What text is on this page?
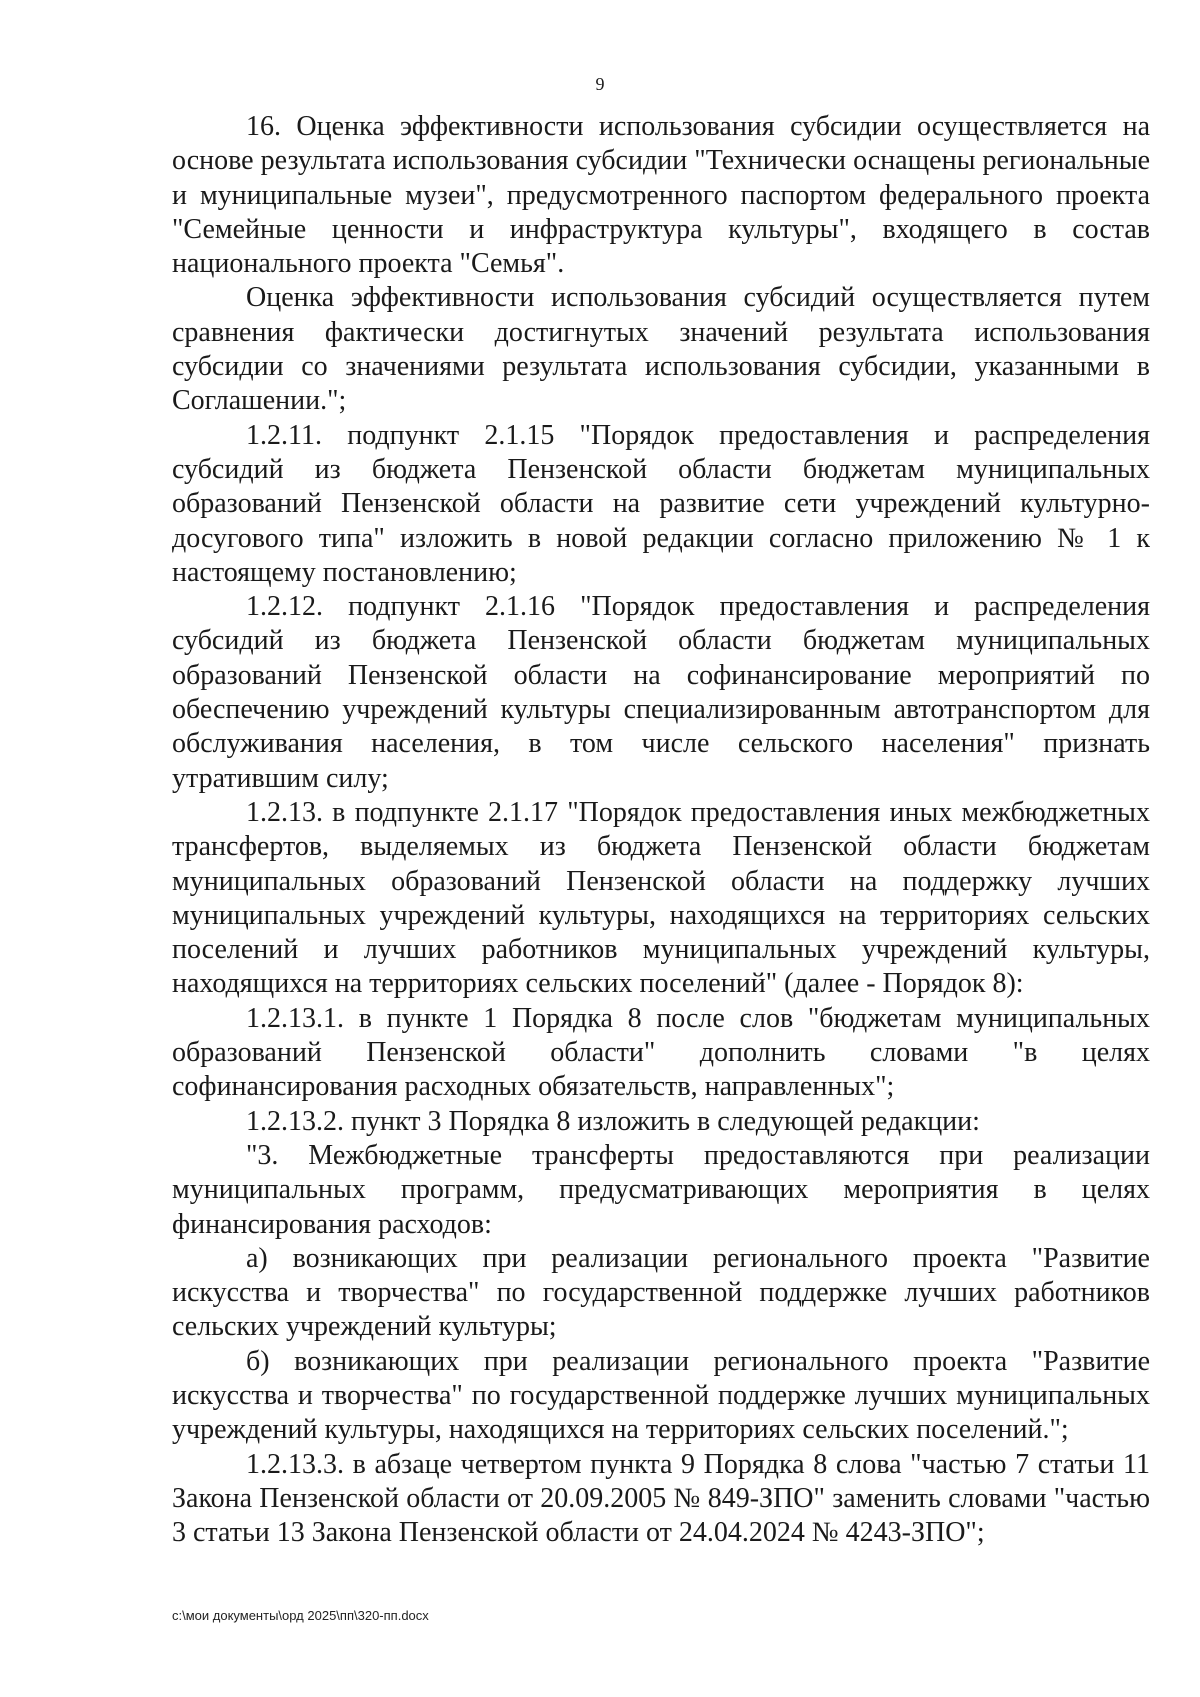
9

16. Оценка эффективности использования субсидии осуществляется на основе результата использования субсидии "Технически оснащены региональные и муниципальные музеи", предусмотренного паспортом федерального проекта "Семейные ценности и инфраструктура культуры", входящего в состав национального проекта "Семья".

Оценка эффективности использования субсидий осуществляется путем сравнения фактически достигнутых значений результата использования субсидии со значениями результата использования субсидии, указанными в Соглашении.";

1.2.11. подпункт 2.1.15 "Порядок предоставления и распределения субсидий из бюджета Пензенской области бюджетам муниципальных образований Пензенской области на развитие сети учреждений культурно-досугового типа" изложить в новой редакции согласно приложению № 1 к настоящему постановлению;

1.2.12. подпункт 2.1.16 "Порядок предоставления и распределения субсидий из бюджета Пензенской области бюджетам муниципальных образований Пензенской области на софинансирование мероприятий по обеспечению учреждений культуры специализированным автотранспортом для обслуживания населения, в том числе сельского населения" признать утратившим силу;

1.2.13. в подпункте 2.1.17 "Порядок предоставления иных межбюджетных трансфертов, выделяемых из бюджета Пензенской области бюджетам муниципальных образований Пензенской области на поддержку лучших муниципальных учреждений культуры, находящихся на территориях сельских поселений и лучших работников муниципальных учреждений культуры, находящихся на территориях сельских поселений" (далее - Порядок 8):

1.2.13.1. в пункте 1 Порядка 8 после слов "бюджетам муниципальных образований Пензенской области" дополнить словами "в целях софинансирования расходных обязательств, направленных";

1.2.13.2. пункт 3 Порядка 8 изложить в следующей редакции:

"3. Межбюджетные трансферты предоставляются при реализации муниципальных программ, предусматривающих мероприятия в целях финансирования расходов:

а) возникающих при реализации регионального проекта "Развитие искусства и творчества" по государственной поддержке лучших работников сельских учреждений культуры;

б) возникающих при реализации регионального проекта "Развитие искусства и творчества" по государственной поддержке лучших муниципальных учреждений культуры, находящихся на территориях сельских поселений.";

1.2.13.3. в абзаце четвертом пункта 9 Порядка 8 слова "частью 7 статьи 11 Закона Пензенской области от 20.09.2005 № 849-ЗПО" заменить словами "частью 3 статьи 13 Закона Пензенской области от 24.04.2024 № 4243-ЗПО";

с:\мои документы\орд 2025\пп\320-пп.docx
